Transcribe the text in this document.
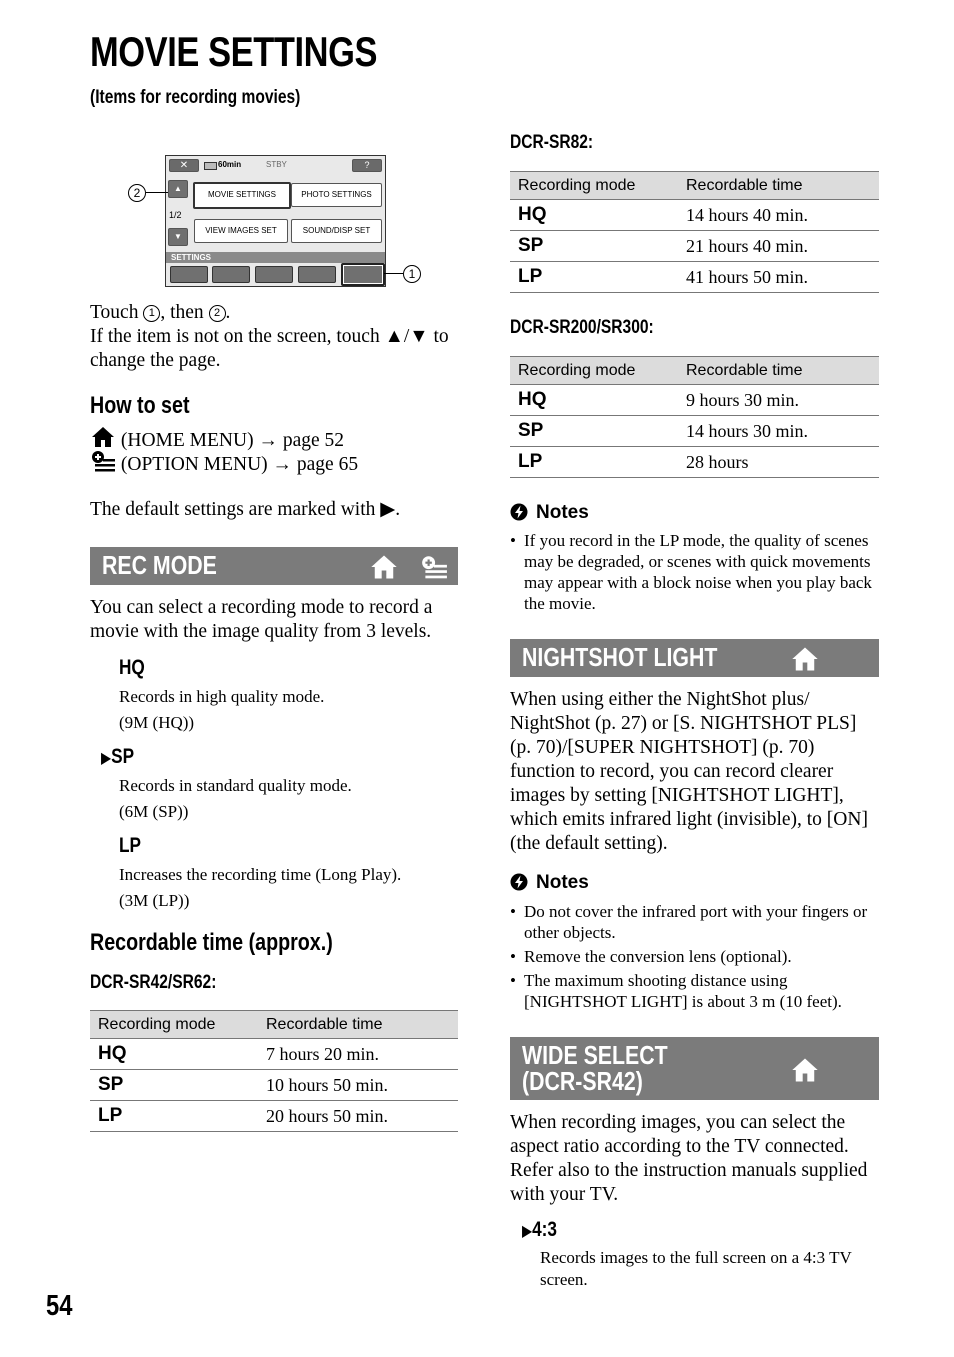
MOVIE SETTINGS
(Items for recording movies)
✕	60min	STBY	?
▲
1/2
▼
MOVIE SETTINGS	PHOTO SETTINGS
VIEW IMAGES SET	SOUND/DISP SET
SETTINGS
2
1
Touch 1 , then 2 .
If the item is not on the screen, touch ▲/▼ to change the page.
How to set
(HOME MENU) → page 52
(OPTION MENU) → page 65
The default settings are marked with ▶.
REC MODE
You can select a recording mode to record a movie with the image quality from 3 levels.
HQ
Records in high quality mode.
(9M (HQ))
▶SP
Records in standard quality mode.
(6M (SP))
LP
Increases the recording time (Long Play).
(3M (LP))
Recordable time (approx.)
DCR-SR42/SR62:
Recording mode	Recordable time
HQ	7 hours 20 min.
SP	10 hours 50 min.
LP	20 hours 50 min.
54
DCR-SR82:
Recording mode	Recordable time
HQ	14 hours 40 min.
SP	21 hours 40 min.
LP	41 hours 50 min.
DCR-SR200/SR300:
Recording mode	Recordable time
HQ	9 hours 30 min.
SP	14 hours 30 min.
LP	28 hours
Notes
• If you record in the LP mode, the quality of scenes may be degraded, or scenes with quick movements may appear with a block noise when you play back the movie.
NIGHTSHOT LIGHT
When using either the NightShot plus/ NightShot (p. 27) or [S. NIGHTSHOT PLS] (p. 70)/[SUPER NIGHTSHOT] (p. 70) function to record, you can record clearer images by setting [NIGHTSHOT LIGHT], which emits infrared light (invisible), to [ON] (the default setting).
Notes
• Do not cover the infrared port with your fingers or other objects.
• Remove the conversion lens (optional).
• The maximum shooting distance using [NIGHTSHOT LIGHT] is about 3 m (10 feet).
WIDE SELECT
(DCR-SR42)
When recording images, you can select the aspect ratio according to the TV connected. Refer also to the instruction manuals supplied with your TV.
▶4:3
Records images to the full screen on a 4:3 TV screen.
